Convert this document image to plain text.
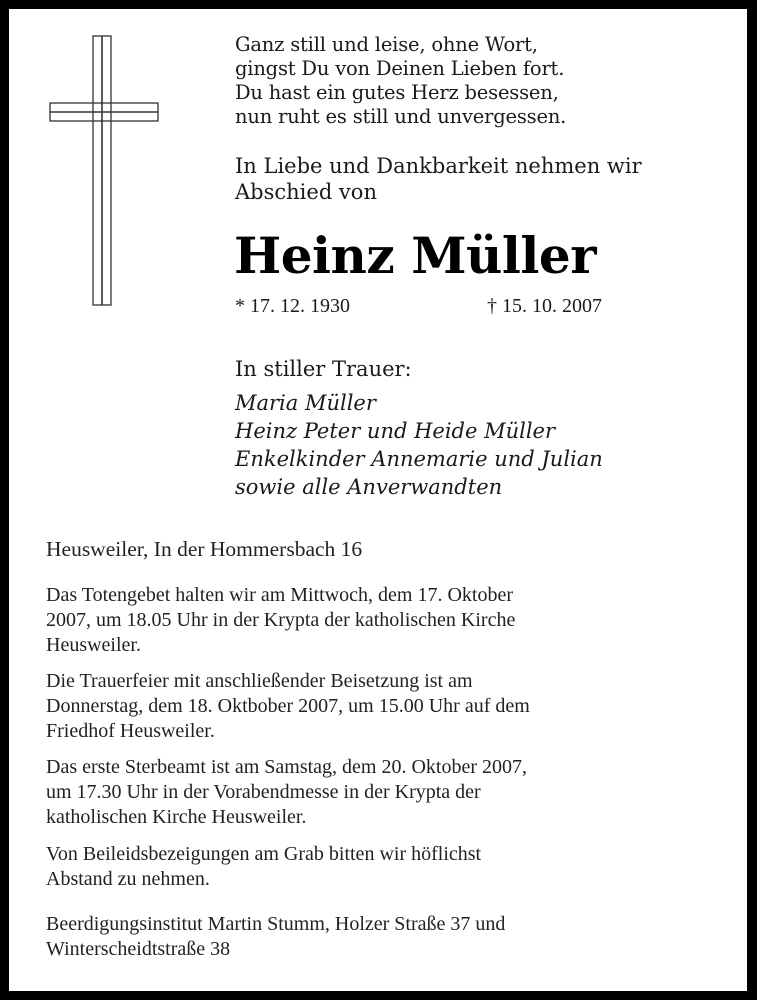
Ganz still und leise, ohne Wort,
gingst Du von Deinen Lieben fort.
Du hast ein gutes Herz besessen,
nun ruht es still und unvergessen.
In Liebe und Dankbarkeit nehmen wir
Abschied von
Heinz Müller
* 17. 12. 1930	† 15. 10. 2007
In stiller Trauer:
Maria Müller
Heinz Peter und Heide Müller
Enkelkinder Annemarie und Julian
sowie alle Anverwandten
Heusweiler, In der Hommersbach 16
Das Totengebet halten wir am Mittwoch, dem 17. Oktober
2007, um 18.05 Uhr in der Krypta der katholischen Kirche
Heusweiler.
Die Trauerfeier mit anschließender Beisetzung ist am
Donnerstag, dem 18. Oktbober 2007, um 15.00 Uhr auf dem
Friedhof Heusweiler.
Das erste Sterbeamt ist am Samstag, dem 20. Oktober 2007,
um 17.30 Uhr in der Vorabendmesse in der Krypta der
katholischen Kirche Heusweiler.
Von Beileidsbezeigungen am Grab bitten wir höflichst
Abstand zu nehmen.
Beerdigungsinstitut Martin Stumm, Holzer Straße 37 und
Winterscheidtstraße 38
